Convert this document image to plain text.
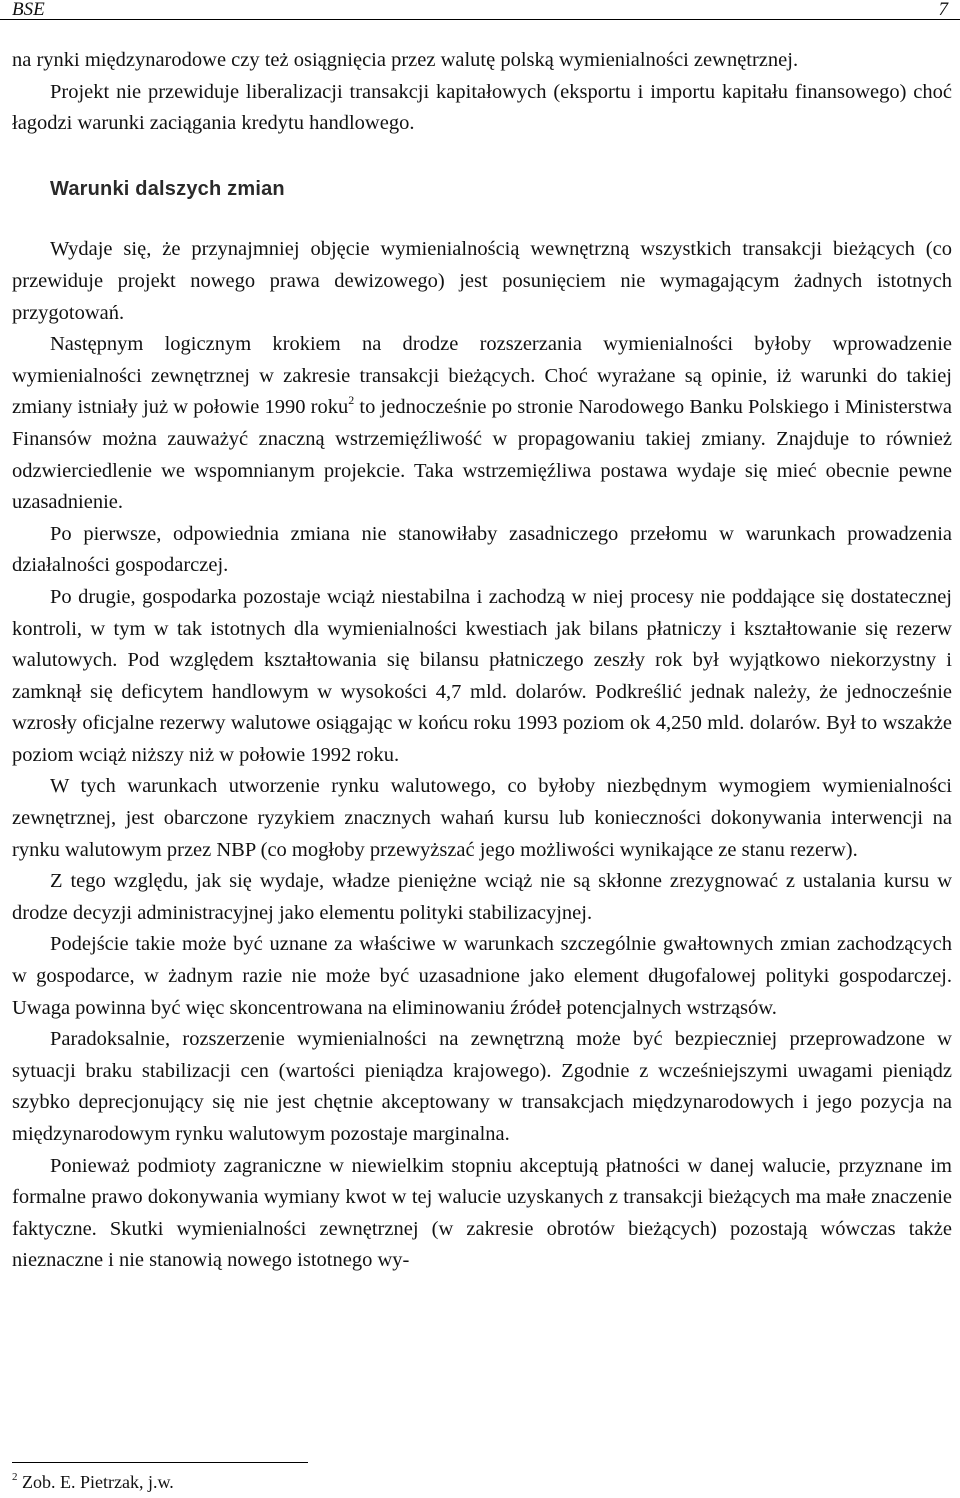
BSE	7

na rynki międzynarodowe czy też osiągnięcia przez walutę polską wymienialności zewnętrznej.

Projekt nie przewiduje liberalizacji transakcji kapitałowych (eksportu i importu kapitału finansowego) choć łagodzi warunki zaciągania kredytu handlowego.

Warunki dalszych zmian

Wydaje się, że przynajmniej objęcie wymienialnością wewnętrzną wszystkich transakcji bieżących (co przewiduje projekt nowego prawa dewizowego) jest posunięciem nie wymagającym żadnych istotnych przygotowań.

Następnym logicznym krokiem na drodze rozszerzania wymienialności byłoby wprowadzenie wymienialności zewnętrznej w zakresie transakcji bieżących. Choć wyrażane są opinie, iż warunki do takiej zmiany istniały już w połowie 1990 roku$^2$ to jednocześnie po stronie Narodowego Banku Polskiego i Ministerstwa Finansów można zauważyć znaczną wstrzemięźliwość w propagowaniu takiej zmiany. Znajduje to również odzwierciedlenie we wspomnianym projekcie. Taka wstrzemięźliwa postawa wydaje się mieć obecnie pewne uzasadnienie.

Po pierwsze, odpowiednia zmiana nie stanowiłaby zasadniczego przełomu w warunkach prowadzenia działalności gospodarczej.

Po drugie, gospodarka pozostaje wciąż niestabilna i zachodzą w niej procesy nie poddające się dostatecznej kontroli, w tym w tak istotnych dla wymienialności kwestiach jak bilans płatniczy i kształtowanie się rezerw walutowych. Pod względem kształtowania się bilansu płatniczego zeszły rok był wyjątkowo niekorzystny i zamknął się deficytem handlowym w wysokości 4,7 mld. dolarów. Podkreślić jednak należy, że jednocześnie wzrosły oficjalne rezerwy walutowe osiągając w końcu roku 1993 poziom ok 4,250 mld. dolarów. Był to wszakże poziom wciąż niższy niż w połowie 1992 roku.

W tych warunkach utworzenie rynku walutowego, co byłoby niezbędnym wymogiem wymienialności zewnętrznej, jest obarczone ryzykiem znacznych wahań kursu lub konieczności dokonywania interwencji na rynku walutowym przez NBP (co mogłoby przewyższać jego możliwości wynikające ze stanu rezerw).

Z tego względu, jak się wydaje, władze pieniężne wciąż nie są skłonne zrezygnować z ustalania kursu w drodze decyzji administracyjnej jako elementu polityki stabilizacyjnej.

Podejście takie może być uznane za właściwe w warunkach szczególnie gwałtownych zmian zachodzących w gospodarce, w żadnym razie nie może być uzasadnione jako element długofalowej polityki gospodarczej. Uwaga powinna być więc skoncentrowana na eliminowaniu źródeł potencjalnych wstrząsów.

Paradoksalnie, rozszerzenie wymienialności na zewnętrzną może być bezpieczniej przeprowadzone w sytuacji braku stabilizacji cen (wartości pieniądza krajowego). Zgodnie z wcześniejszymi uwagami pieniądz szybko deprecjonujący się nie jest chętnie akceptowany w transakcjach międzynarodowych i jego pozycja na międzynarodowym rynku walutowym pozostaje marginalna.

Ponieważ podmioty zagraniczne w niewielkim stopniu akceptują płatności w danej walucie, przyznane im formalne prawo dokonywania wymiany kwot w tej walucie uzyskanych z transakcji bieżących ma małe znaczenie faktyczne. Skutki wymienialności zewnętrznej (w zakresie obrotów bieżących) pozostają wówczas także nieznaczne i nie stanowią nowego istotnego wy-

$^2$ Zob. E. Pietrzak, j.w.
